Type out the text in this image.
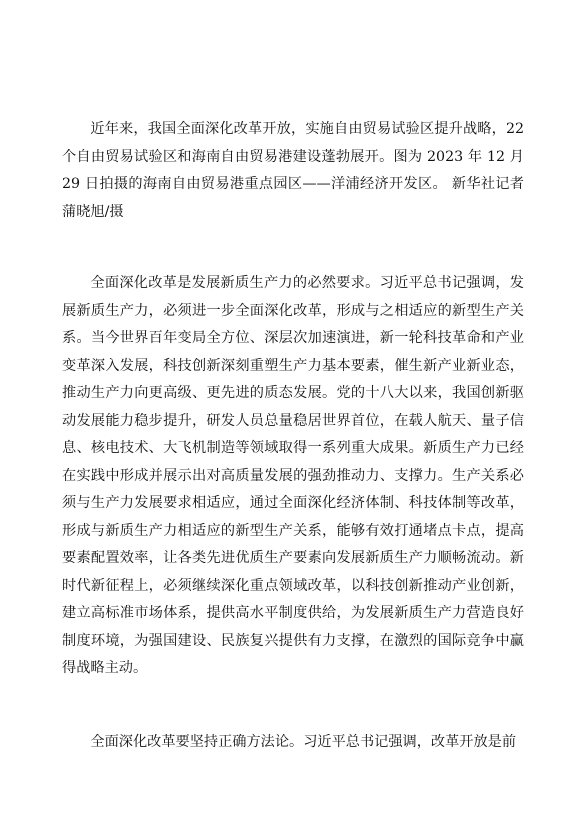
近年来，我国全面深化改革开放，实施自由贸易试验区提升战略，22个自由贸易试验区和海南自由贸易港建设蓬勃展开。图为 2023 年 12 月 29 日拍摄的海南自由贸易港重点园区——洋浦经济开发区。 新华社记者蒲晓旭/摄

全面深化改革是发展新质生产力的必然要求。习近平总书记强调，发展新质生产力，必须进一步全面深化改革，形成与之相适应的新型生产关系。当今世界百年变局全方位、深层次加速演进，新一轮科技革命和产业变革深入发展，科技创新深刻重塑生产力基本要素，催生新产业新业态，推动生产力向更高级、更先进的质态发展。党的十八大以来，我国创新驱动发展能力稳步提升，研发人员总量稳居世界首位，在载人航天、量子信息、核电技术、大飞机制造等领域取得一系列重大成果。新质生产力已经在实践中形成并展示出对高质量发展的强劲推动力、支撑力。生产关系必须与生产力发展要求相适应，通过全面深化经济体制、科技体制等改革，形成与新质生产力相适应的新型生产关系，能够有效打通堵点卡点，提高要素配置效率，让各类先进优质生产要素向发展新质生产力顺畅流动。新时代新征程上，必须继续深化重点领域改革，以科技创新推动产业创新，建立高标准市场体系，提供高水平制度供给，为发展新质生产力营造良好制度环境，为强国建设、民族复兴提供有力支撑，在激烈的国际竞争中赢得战略主动。

全面深化改革要坚持正确方法论。习近平总书记强调，改革开放是前
